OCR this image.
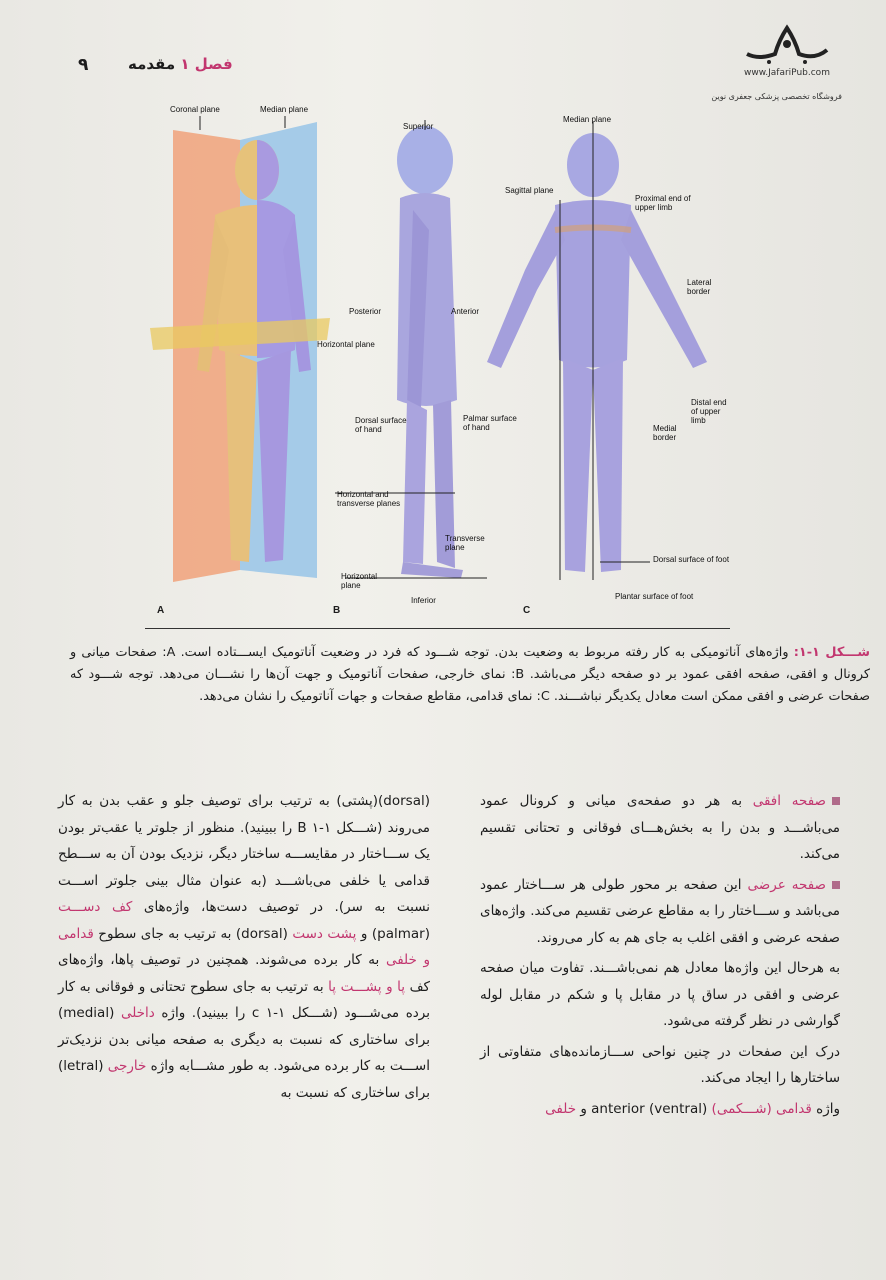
۹	فصل ۱ مقدمه	www.JafariPub.com
فروشگاه تخصصی پزشکی جعفری نوین
Coronal plane	Median plane
Horizontal plane
Superior
Posterior	Anterior
Dorsal surface of hand
Palmar surface of hand
Horizontal and transverse planes
Transverse plane
Horizontal plane
Inferior
Median plane
Sagittal plane
Proximal end of upper limb
Lateral border
Distal end of upper limb
Medial border
Dorsal surface of foot
Plantar surface of foot
A	B	C
شـــکل ۱-۱: واژه‌های آناتومیکی به کار رفته مربوط به وضعیت بدن. توجه شـــود که فرد در وضعیت آناتومیک ایســـتاده است. A: صفحات میانی و کرونال و افقی، صفحه افقی عمود بر دو صفحه دیگر می‌باشد. B: نمای خارجی، صفحات آناتومیک و جهت آن‌ها را نشـــان می‌دهد. توجه شـــود که صفحات عرضی و افقی ممکن است معادل یکدیگر نباشـــند. C: نمای قدامی، مقاطع صفحات و جهات آناتومیک را نشان می‌دهد.

صفحه افقی به هر دو صفحه‌ی میانی و کرونال عمود می‌باشـــد و بدن را به بخش‌هـــای فوقانی و تحتانی تقسیم می‌کند.

صفحه عرضی این صفحه بر محور طولی هر ســـاختار عمود می‌باشد و ســـاختار را به مقاطع عرضی تقسیم می‌کند. واژه‌های صفحه عرضی و افقی اغلب به جای هم به کار می‌روند.

به هرحال این واژه‌ها معادل هم نمی‌باشـــند. تفاوت میان صفحه عرضی و افقی در ساق پا در مقابل پا و شکم در مقابل لوله گوارشی در نظر گرفته می‌شود.

درک این صفحات در چنین نواحی ســـازمانده‌های متفاوتی از ساختارها را ایجاد می‌کند.

واژه قدامی (شـــکمی) anterior (ventral) و خلفی

(dorsal)(پشتی) به ترتیب برای توصیف جلو و عقب بدن به کار می‌روند (شـــکل B ۱-۱ را ببینید). منظور از جلوتر یا عقب‌تر بودن یک ســـاختار در مقایســـه ساختار دیگر، نزدیک بودن آن به ســـطح قدامی یا خلفی می‌باشـــد (به عنوان مثال بینی جلوتر اســـت نسبت به سر). در توصیف دست‌ها، واژه‌های کف دســـت (palmar) و پشت دست (dorsal) به ترتیب به جای سطوح قدامی و خلفی به کار برده می‌شوند. همچنین در توصیف پاها، واژه‌های کف پا و پشـــت پا به ترتیب به جای سطوح تحتانی و فوقانی به کار برده می‌شـــود (شـــکل c ۱-۱ را ببینید). واژه داخلی (medial) برای ساختاری که نسبت به دیگری به صفحه میانی بدن نزدیک‌تر اســـت به کار برده می‌شود. به طور مشـــابه واژه خارجی (letral) برای ساختاری که نسبت به
